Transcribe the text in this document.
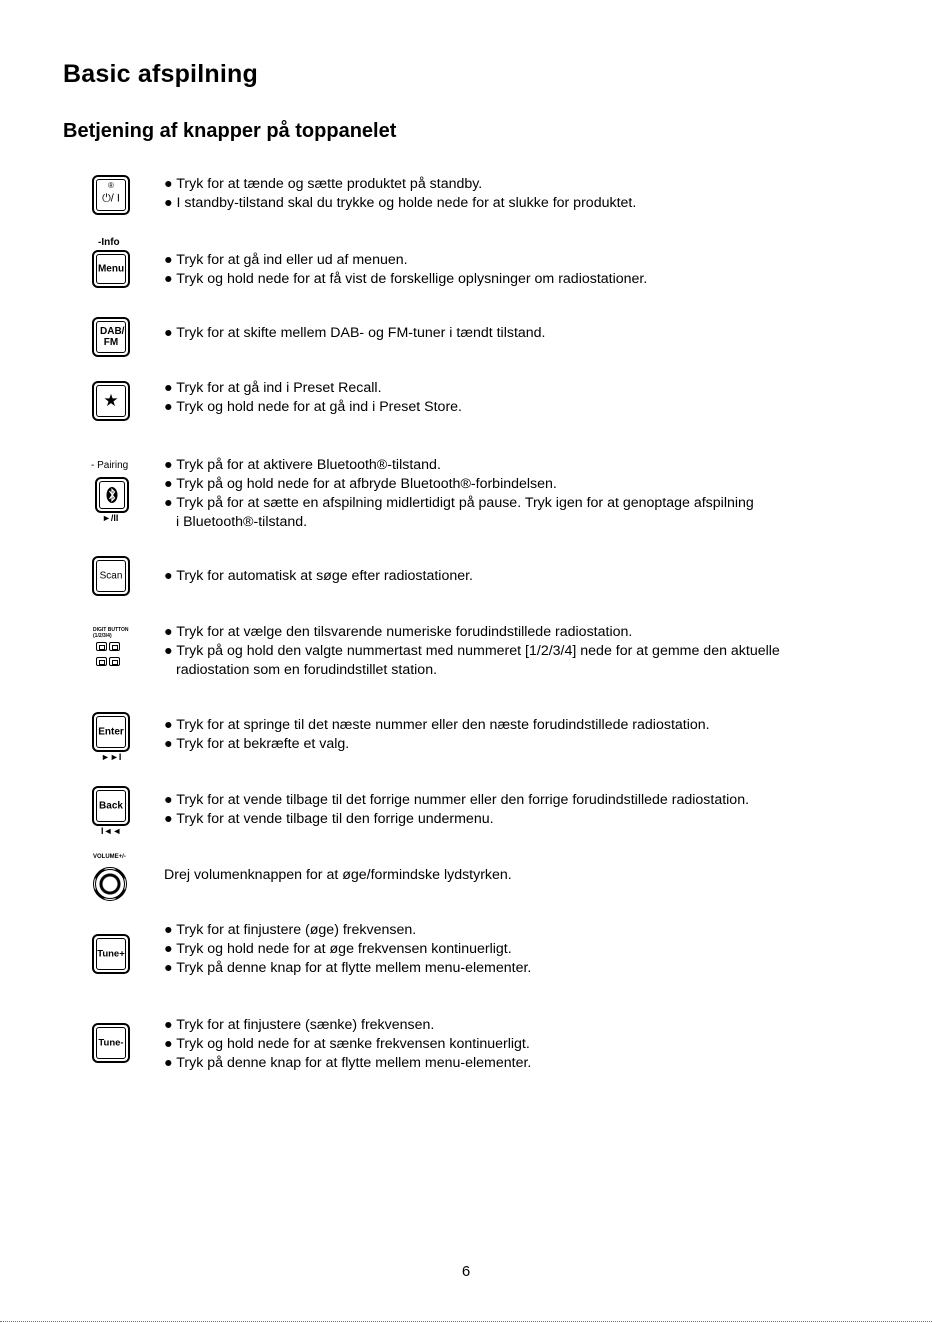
Basic afspilning
Betjening af knapper på toppanelet
®
⏻/ I
● Tryk for at tænde og sætte produktet på standby.
● I standby-tilstand skal du trykke og holde nede for at slukke for produktet.
-Info
Menu
● Tryk for at gå ind eller ud af menuen.
● Tryk og hold nede for at få vist de forskellige oplysninger om radiostationer.
DAB/ FM
● Tryk for at skifte mellem DAB- og FM-tuner i tændt tilstand.
★
● Tryk for at gå ind i Preset Recall.
● Tryk og hold nede for at gå ind i Preset Store.
- Pairing
►/II
● Tryk på for at aktivere Bluetooth®-tilstand.
● Tryk på og hold nede for at afbryde Bluetooth®-forbindelsen.
● Tryk på for at sætte en afspilning midlertidigt på pause. Tryk igen for at genoptage afspilning
i Bluetooth®-tilstand.
Scan	● Tryk for automatisk at søge efter radiostationer.
DIGIT BUTTON
(1/2/3/4)	● Tryk for at vælge den tilsvarende numeriske forudindstillede radiostation.
● Tryk på og hold den valgte nummertast med nummeret [1/2/3/4] nede for at gemme den aktuelle
radiostation som en forudindstillet station.
Enter
►►I
● Tryk for at springe til det næste nummer eller den næste forudindstillede radiostation.
● Tryk for at bekræfte et valg.
Back
I◄◄
● Tryk for at vende tilbage til det forrige nummer eller den forrige forudindstillede radiostation.
● Tryk for at vende tilbage til den forrige undermenu.
VOLUME+/-
Drej volumenknappen for at øge/formindske lydstyrken.
Tune+
● Tryk for at finjustere (øge) frekvensen.
● Tryk og hold nede for at øge frekvensen kontinuerligt.
● Tryk på denne knap for at flytte mellem menu-elementer.
Tune-
● Tryk for at finjustere (sænke) frekvensen.
● Tryk og hold nede for at sænke frekvensen kontinuerligt.
● Tryk på denne knap for at flytte mellem menu-elementer.
6
